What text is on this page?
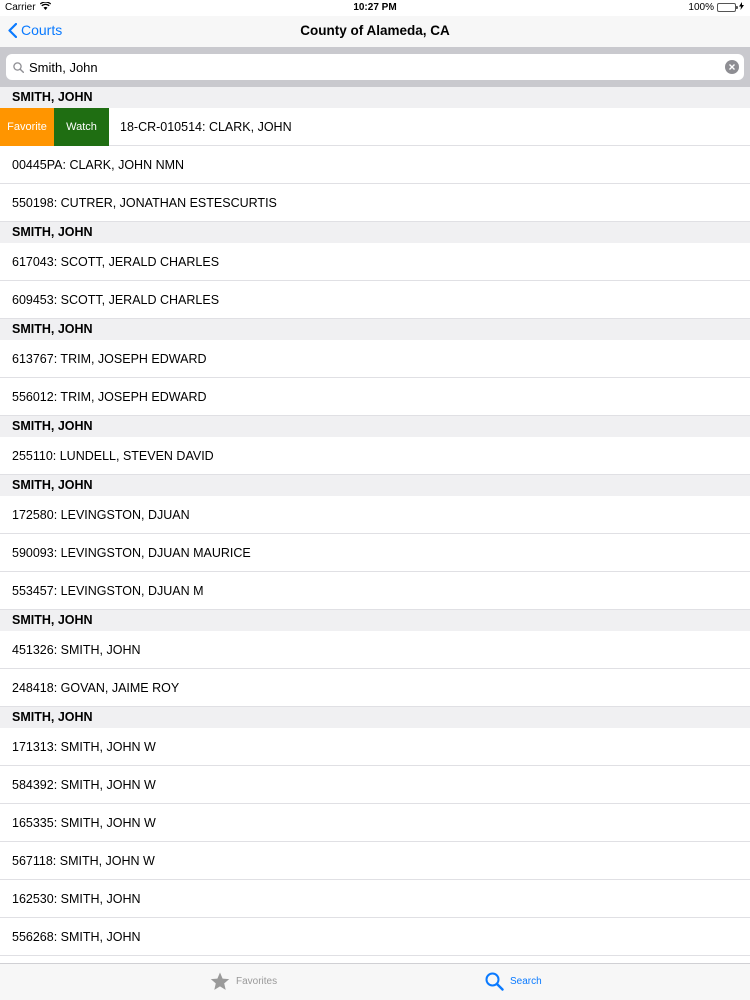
Carrier	10:27 PM	100%
Courts	County of Alameda, CA
Smith, John
SMITH, JOHN
Favorite	Watch	18-CR-010514: CLARK, JOHN
00445PA: CLARK, JOHN NMN
550198: CUTRER, JONATHAN ESTESCURTIS
SMITH, JOHN
617043: SCOTT, JERALD CHARLES
609453: SCOTT, JERALD CHARLES
SMITH, JOHN
613767: TRIM, JOSEPH EDWARD
556012: TRIM, JOSEPH EDWARD
SMITH, JOHN
255110: LUNDELL, STEVEN DAVID
SMITH, JOHN
172580: LEVINGSTON, DJUAN
590093: LEVINGSTON, DJUAN MAURICE
553457: LEVINGSTON, DJUAN M
SMITH, JOHN
451326: SMITH, JOHN
248418: GOVAN, JAIME ROY
SMITH, JOHN
171313: SMITH, JOHN W
584392: SMITH, JOHN W
165335: SMITH, JOHN W
567118: SMITH, JOHN W
162530: SMITH, JOHN
556268: SMITH, JOHN
Favorites	Search
